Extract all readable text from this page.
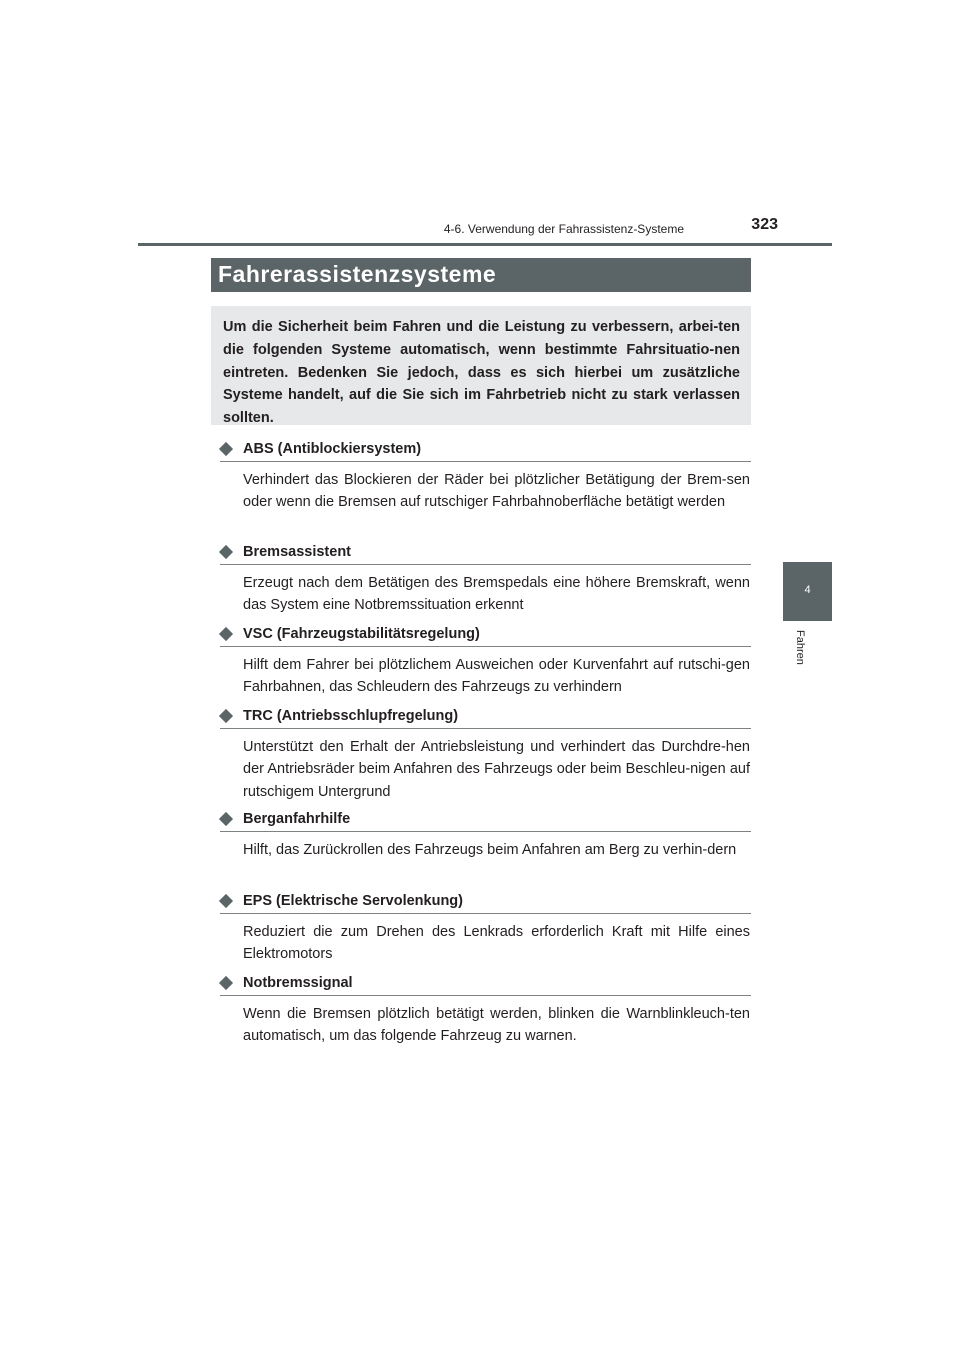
4-6. Verwendung der Fahrassistenz-Systeme	323
4
Fahren
Fahrerassistenzsysteme
Um die Sicherheit beim Fahren und die Leistung zu verbessern, arbei-ten die folgenden Systeme automatisch, wenn bestimmte Fahrsituatio-nen eintreten. Bedenken Sie jedoch, dass es sich hierbei um zusätzliche Systeme handelt, auf die Sie sich im Fahrbetrieb nicht zu stark verlassen sollten.
ABS (Antiblockiersystem)
Verhindert das Blockieren der Räder bei plötzlicher Betätigung der Brem-sen oder wenn die Bremsen auf rutschiger Fahrbahnoberfläche betätigt werden
Bremsassistent
Erzeugt nach dem Betätigen des Bremspedals eine höhere Bremskraft, wenn das System eine Notbremssituation erkennt
VSC (Fahrzeugstabilitätsregelung)
Hilft dem Fahrer bei plötzlichem Ausweichen oder Kurvenfahrt auf rutschi-gen Fahrbahnen, das Schleudern des Fahrzeugs zu verhindern
TRC (Antriebsschlupfregelung)
Unterstützt den Erhalt der Antriebsleistung und verhindert das Durchdre-hen der Antriebsräder beim Anfahren des Fahrzeugs oder beim Beschleu-nigen auf rutschigem Untergrund
Berganfahrhilfe
Hilft, das Zurückrollen des Fahrzeugs beim Anfahren am Berg zu verhin-dern
EPS (Elektrische Servolenkung)
Reduziert die zum Drehen des Lenkrads erforderlich Kraft mit Hilfe eines Elektromotors
Notbremssignal
Wenn die Bremsen plötzlich betätigt werden, blinken die Warnblinkleuch-ten automatisch, um das folgende Fahrzeug zu warnen.
